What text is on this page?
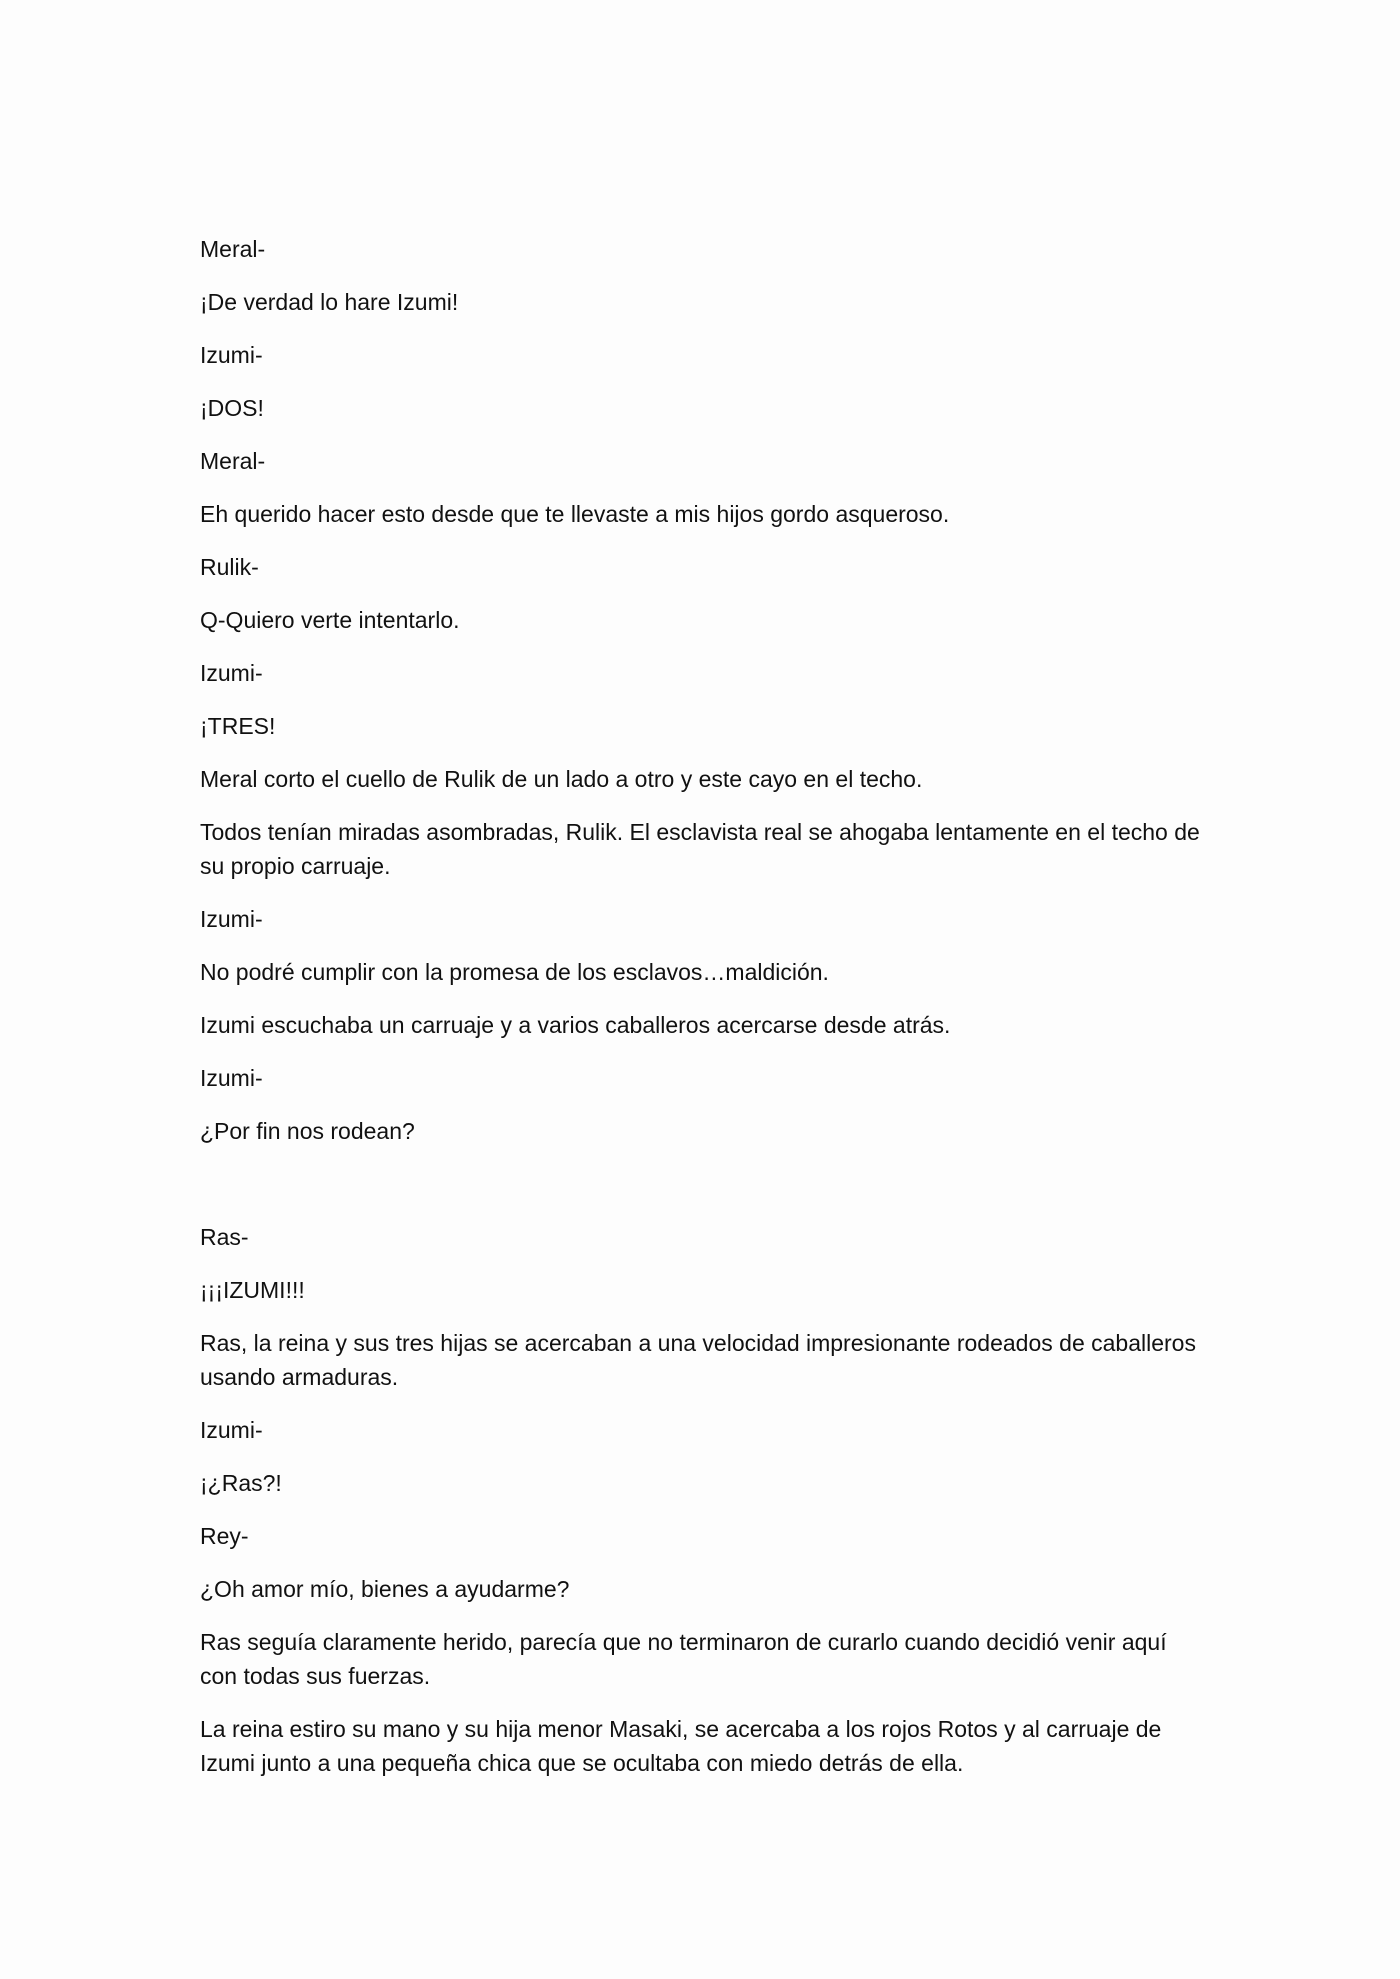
Meral-

¡De verdad lo hare Izumi!

Izumi-

¡DOS!

Meral-

Eh querido hacer esto desde que te llevaste a mis hijos gordo asqueroso.

Rulik-

Q-Quiero verte intentarlo.

Izumi-

¡TRES!

Meral corto el cuello de Rulik de un lado a otro y este cayo en el techo.

Todos tenían miradas asombradas, Rulik. El esclavista real se ahogaba lentamente en el techo de su propio carruaje.

Izumi-

No podré cumplir con la promesa de los esclavos…maldición.

Izumi escuchaba un carruaje y a varios caballeros acercarse desde atrás.

Izumi-

¿Por fin nos rodean?

Ras-

¡¡¡IZUMI!!!

Ras, la reina y sus tres hijas se acercaban a una velocidad impresionante rodeados de caballeros usando armaduras.

Izumi-

¡¿Ras?!

Rey-

¿Oh amor mío, bienes a ayudarme?

Ras seguía claramente herido, parecía que no terminaron de curarlo cuando decidió venir aquí con todas sus fuerzas.

La reina estiro su mano y su hija menor Masaki, se acercaba a los rojos Rotos y al carruaje de Izumi junto a una pequeña chica que se ocultaba con miedo detrás de ella.
